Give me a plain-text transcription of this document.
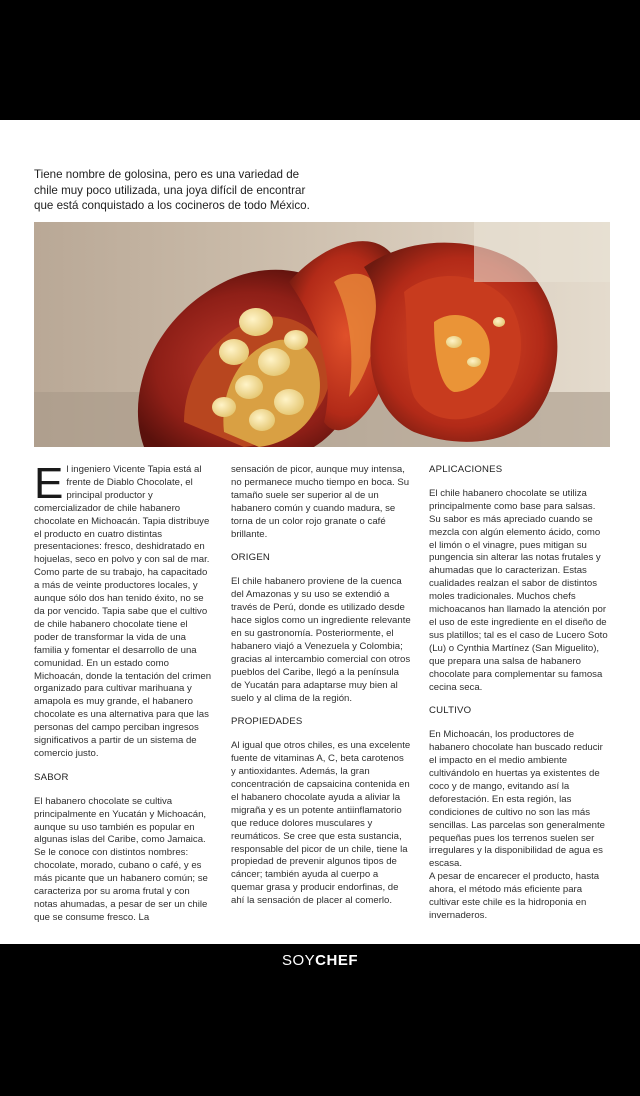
Tiene nombre de golosina, pero es una variedad de chile muy poco utilizada, una joya difícil de encontrar que está conquistado a los cocineros de todo México.

El ingeniero Vicente Tapia está al frente de Diablo Chocolate, el principal productor y comercializador de chile habanero chocolate en Michoacán. Tapia distribuye el producto en cuatro distintas presentaciones: fresco, deshidratado en hojuelas, seco en polvo y con sal de mar. Como parte de su trabajo, ha capacitado a más de veinte productores locales, y aunque sólo dos han tenido éxito, no se da por vencido. Tapia sabe que el cultivo de chile habanero chocolate tiene el poder de transformar la vida de una familia y fomentar el desarrollo de una comunidad. En un estado como Michoacán, donde la tentación del crimen organizado para cultivar marihuana y amapola es muy grande, el habanero chocolate es una alternativa para que las personas del campo perciban ingresos significativos a partir de un sistema de comercio justo.

SABOR

El habanero chocolate se cultiva principalmente en Yucatán y Michoacán, aunque su uso también es popular en algunas islas del Caribe, como Jamaica. Se le conoce con distintos nombres: chocolate, morado, cubano o café, y es más picante que un habanero común; se caracteriza por su aroma frutal y con notas ahumadas, a pesar de ser un chile que se consume fresco. La

sensación de picor, aunque muy intensa, no permanece mucho tiempo en boca. Su tamaño suele ser superior al de un habanero común y cuando madura, se torna de un color rojo granate o café brillante.

ORIGEN

El chile habanero proviene de la cuenca del Amazonas y su uso se extendió a través de Perú, donde es utilizado desde hace siglos como un ingrediente relevante en su gastronomía. Posteriormente, el habanero viajó a Venezuela y Colombia; gracias al intercambio comercial con otros pueblos del Caribe, llegó a la península de Yucatán para adaptarse muy bien al suelo y al clima de la región.

PROPIEDADES

Al igual que otros chiles, es una excelente fuente de vitaminas A, C, beta carotenos y antioxidantes. Además, la gran concentración de capsaicina contenida en el habanero chocolate ayuda a aliviar la migraña y es un potente antiinflamatorio que reduce dolores musculares y reumáticos. Se cree que esta sustancia, responsable del picor de un chile, tiene la propiedad de prevenir algunos tipos de cáncer; también ayuda al cuerpo a quemar grasa y producir endorfinas, de ahí la sensación de placer al comerlo.

APLICACIONES

El chile habanero chocolate se utiliza principalmente como base para salsas. Su sabor es más apreciado cuando se mezcla con algún elemento ácido, como el limón o el vinagre, pues mitigan su pungencia sin alterar las notas frutales y ahumadas que lo caracterizan. Estas cualidades realzan el sabor de distintos moles tradicionales. Muchos chefs michoacanos han llamado la atención por el uso de este ingrediente en el diseño de sus platillos; tal es el caso de Lucero Soto (Lu) o Cynthia Martínez (San Miguelito), que prepara una salsa de habanero chocolate para complementar su famosa cecina seca.

CULTIVO

En Michoacán, los productores de habanero chocolate han buscado reducir el impacto en el medio ambiente cultivándolo en huertas ya existentes de coco y de mango, evitando así la deforestación. En esta región, las condiciones de cultivo no son las más sencillas. Las parcelas son generalmente pequeñas pues los terrenos suelen ser irregulares y la disponibilidad de agua es escasa.

A pesar de encarecer el producto, hasta ahora, el método más eficiente para cultivar este chile es la hidroponia en invernaderos.

SOYCHEF
